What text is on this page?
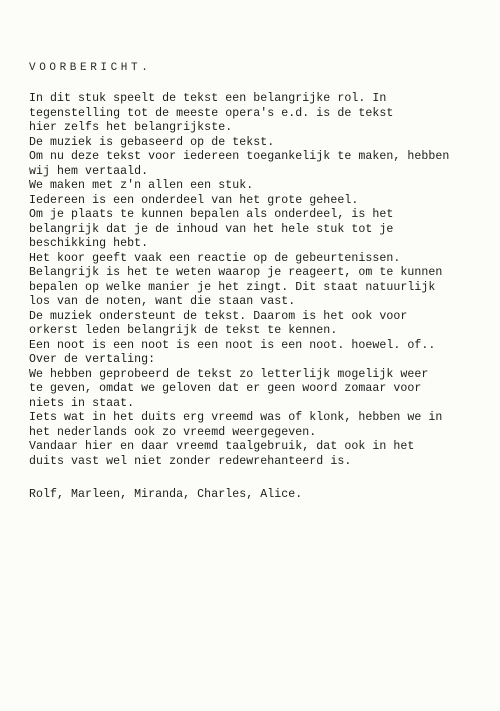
VOORBERICHT.
In dit stuk speelt de tekst een belangrijke rol. In
tegenstelling tot de meeste opera's e.d. is de tekst
hier zelfs het belangrijkste.
De muziek is gebaseerd op de tekst.
Om nu deze tekst voor iedereen toegankelijk te maken, hebben
wij hem vertaald.
We maken met z'n allen een stuk.
Iedereen is een onderdeel van het grote geheel.
Om je plaats te kunnen bepalen als onderdeel, is het
belangrijk dat je de inhoud van het hele stuk tot je
beschikking hebt.
Het koor geeft vaak een reactie op de gebeurtenissen.
Belangrijk is het te weten waarop je reageert, om te kunnen
bepalen op welke manier je het zingt. Dit staat natuurlijk
los van de noten, want die staan vast.
De muziek ondersteunt de tekst. Daarom is het ook voor
orkerst leden belangrijk de tekst te kennen.
Een noot is een noot is een noot is een noot. hoewel. of..
Over de vertaling:
We hebben geprobeerd de tekst zo letterlijk mogelijk weer
te geven, omdat we geloven dat er geen woord zomaar voor
niets in staat.
Iets wat in het duits erg vreemd was of klonk, hebben we in
het nederlands ook zo vreemd weergegeven.
Vandaar hier en daar vreemd taalgebruik, dat ook in het
duits vast wel niet zonder redewrehanteerd is.
Rolf, Marleen, Miranda, Charles, Alice.
